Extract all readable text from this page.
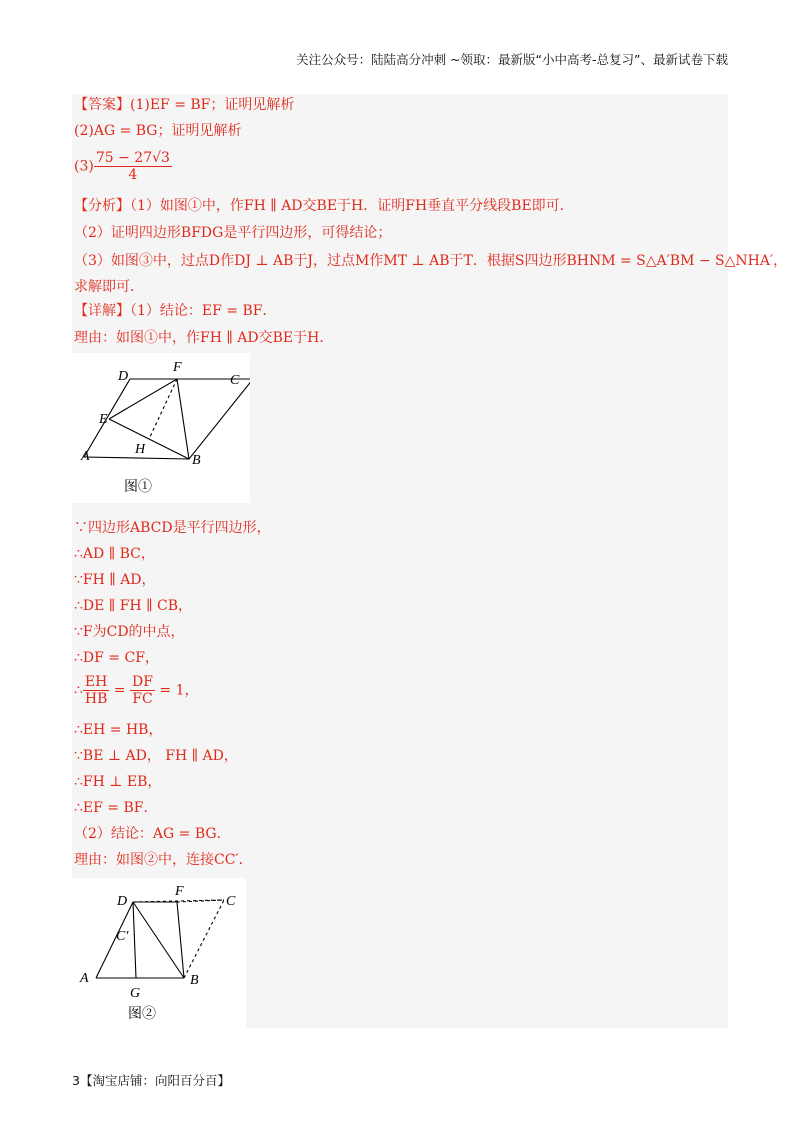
关注公众号：陆陆高分冲刺 ~领取：最新版“小中高考-总复习”、最新试卷下载
【答案】(1)EF = BF；证明见解析
(2)AG = BG；证明见解析
$(3) \frac{75 - 27√3}{4}$
【分析】（1）如图①中，作FH ∥ AD交BE于H．证明FH垂直平分线段BE即可．
（2）证明四边形BFDG是平行四边形，可得结论；
（3）如图③中，过点D作DJ ⊥ AB于J，过点M作MT ⊥ AB于T．根据S四边形BHNM = S△A′BM − S△NHA′，
求解即可．
【详解】（1）结论：EF = BF．
理由：如图①中，作FH ∥ AD交BE于H．
D
F
C
E
H
A	B
图①
∵四边形ABCD是平行四边形，
∴AD ∥ BC，
∵FH ∥ AD，
∴DE ∥ FH ∥ CB，
∵F为CD的中点，
∴DF = CF，
∴ $\frac{EH}{HB} = \frac{DF}{FC} = 1$，
∴EH = HB，
∵BE ⊥ AD， FH ∥ AD，
∴FH ⊥ EB，
∴EF = BF．
（2）结论：AG = BG．
理由：如图②中，连接CC′．
D
F
C
C′
A
G
B
图②
3【淘宝店铺：向阳百分百】
